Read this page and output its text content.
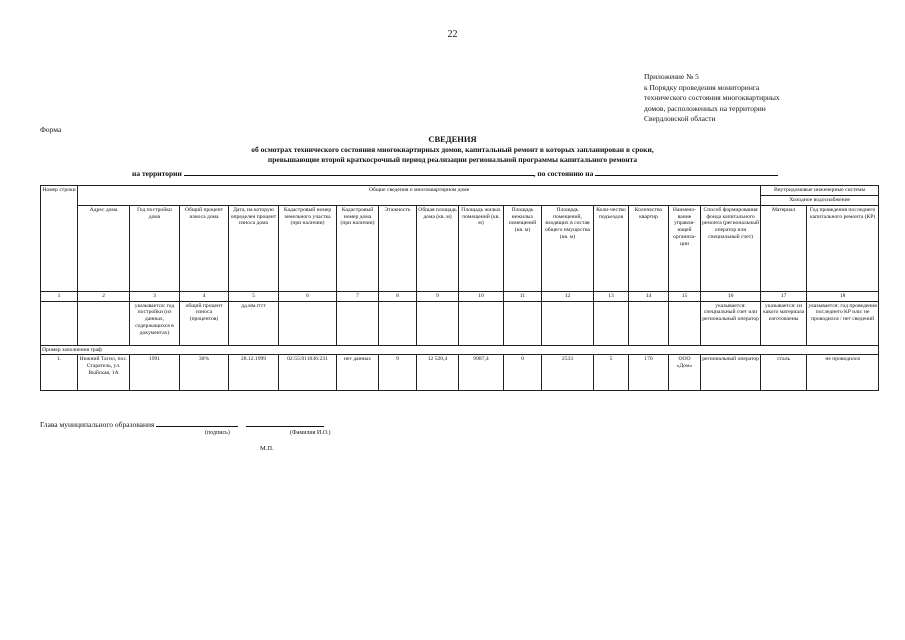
22
Приложение № 5
к Порядку проведения мониторинга
технического состояния многоквартирных
домов, расположенных на территории
Свердловской области
Форма
СВЕДЕНИЯ
об осмотрах технического состояния многоквартирных домов, капитальный ремонт в которых запланирован в сроки,
превышающие второй краткосрочный период реализации региональной программы капитального ремонта
на территории	, по состоянию на
Номер строки	Общие сведения о многоквартирном доме															Внутридомовые инженерные системы	
																Холодное водоснабжение	
	Адрес дома	Год постройки дома	Общий процент износа дома	Дата, на которую определен процент износа дома	Кадастровый номер земельного участка (при наличии)	Кадастровый номер дома (при наличии)	Этажность	Общая площадь дома (кв. м)	Площадь жилых помещений (кв. м)	Площадь нежилых помещений (кв. м)	Площадь помещений, входящих в состав общего имущества (кв. м)	Коли-чество подъездов	Количество квартир	Наимено-вание управля-ющей организа-ции	Способ формирования фонда капитального ремонта (региональный оператор или специальный счет)	Материал	Год проведения последнего капитального ремонта (КР)
1	2	3	4	5	6	7	8	9	10	11	12	13	14	15	16	17	18
		указывается: год постройки (из данных, содержащихся в документах)	общий процент износа (процентов)	дд.мм.гггг											указывается: специальный счет или региональный оператор	указывается: из какого материала изготовлены	указывается: год проведения последнего КР или: не проводился / нет сведений
Пример заполнения граф																	
1.	Нижний Тагил, пос. Старатель, ул. Выйская, 1А	1991	30%	28.12.1999	02:55:011036:231	нет данных	9	12 520,4	9987,4	0	2533	5	170	ООО «Дом»	региональный оператор	сталь	не проводился
Глава муниципального образования
(подпись)	(Фамилия И.О.)
М.П.
